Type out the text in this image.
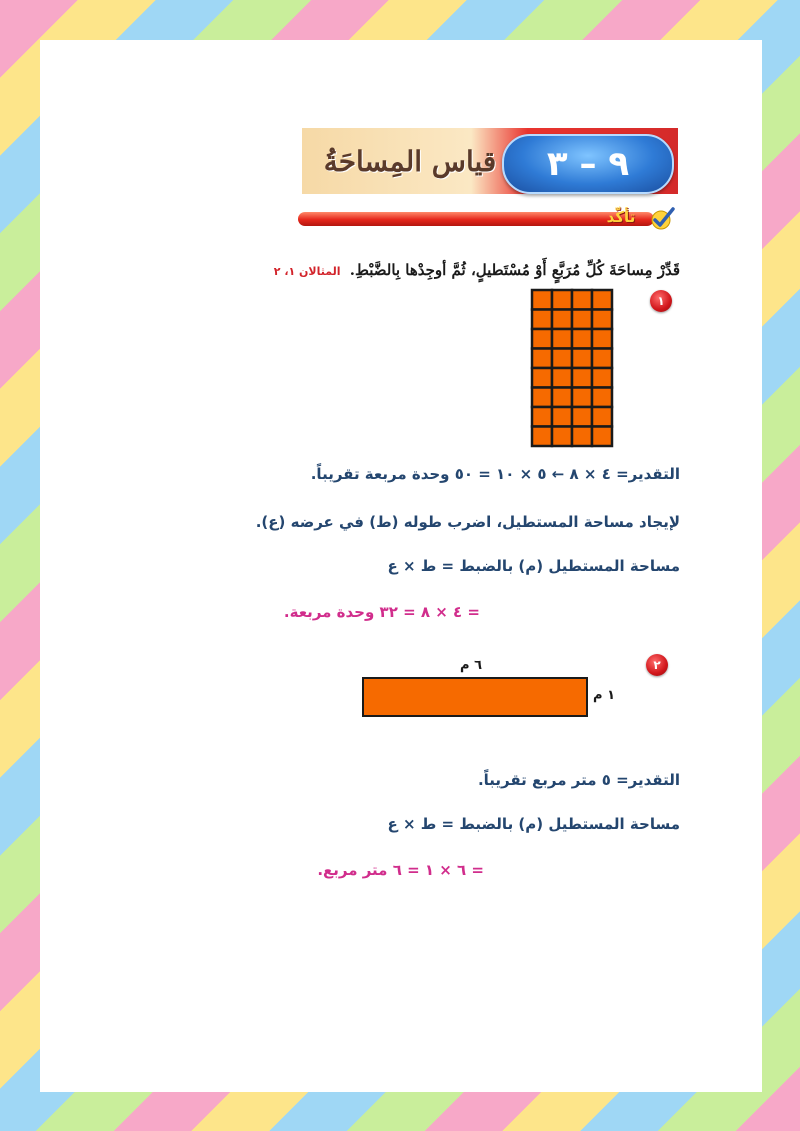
قياس المِساحَةُ	٩ – ٣
تأكّد
قَدِّرْ مِساحَةَ كُلِّ مُرَبَّعٍ أَوْ مُسْتَطيلٍ، ثُمَّ أوجِدْها بِالضَّبْطِ. المثالان ١، ٢
١
التقدير= ٤ × ٨ ← ٥ × ١٠ = ٥٠ وحدة مربعة تقريباً.
لإيجاد مساحة المستطيل، اضرب طوله (ط) في عرضه (ع).
مساحة المستطيل (م) بالضبط = ط × ع
= ٤ × ٨ = ٣٢ وحدة مربعة.
٢
٦ م
١ م
التقدير= ٥ متر مربع تقريباً.
مساحة المستطيل (م) بالضبط = ط × ع
= ٦ × ١ = ٦ متر مربع.
